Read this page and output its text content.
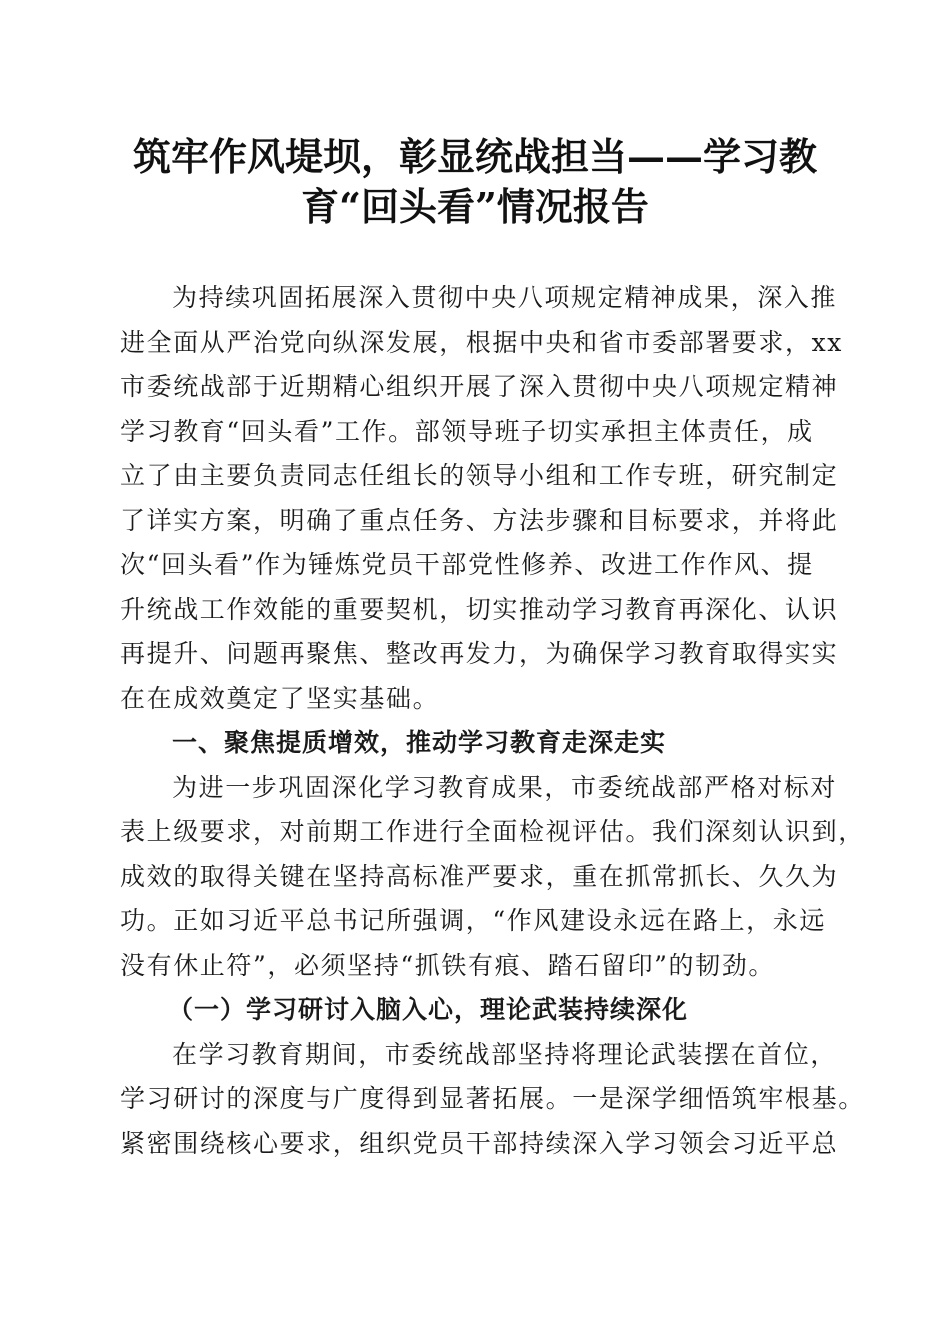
筑牢作风堤坝，彰显统战担当——学习教
育“回头看”情况报告
为持续巩固拓展深入贯彻中央八项规定精神成果，深入推
进全面从严治党向纵深发展，根据中央和省市委部署要求，xx
市委统战部于近期精心组织开展了深入贯彻中央八项规定精神
学习教育“回头看”工作。部领导班子切实承担主体责任，成
立了由主要负责同志任组长的领导小组和工作专班，研究制定
了详实方案，明确了重点任务、方法步骤和目标要求，并将此
次“回头看”作为锤炼党员干部党性修养、改进工作作风、提
升统战工作效能的重要契机，切实推动学习教育再深化、认识
再提升、问题再聚焦、整改再发力，为确保学习教育取得实实
在在成效奠定了坚实基础。
一、聚焦提质增效，推动学习教育走深走实
为进一步巩固深化学习教育成果，市委统战部严格对标对
表上级要求，对前期工作进行全面检视评估。我们深刻认识到，
成效的取得关键在坚持高标准严要求，重在抓常抓长、久久为
功。正如习近平总书记所强调，“作风建设永远在路上，永远
没有休止符”，必须坚持“抓铁有痕、踏石留印”的韧劲。
（一）学习研讨入脑入心，理论武装持续深化
在学习教育期间，市委统战部坚持将理论武装摆在首位，
学习研讨的深度与广度得到显著拓展。一是深学细悟筑牢根基。
紧密围绕核心要求，组织党员干部持续深入学习领会习近平总
